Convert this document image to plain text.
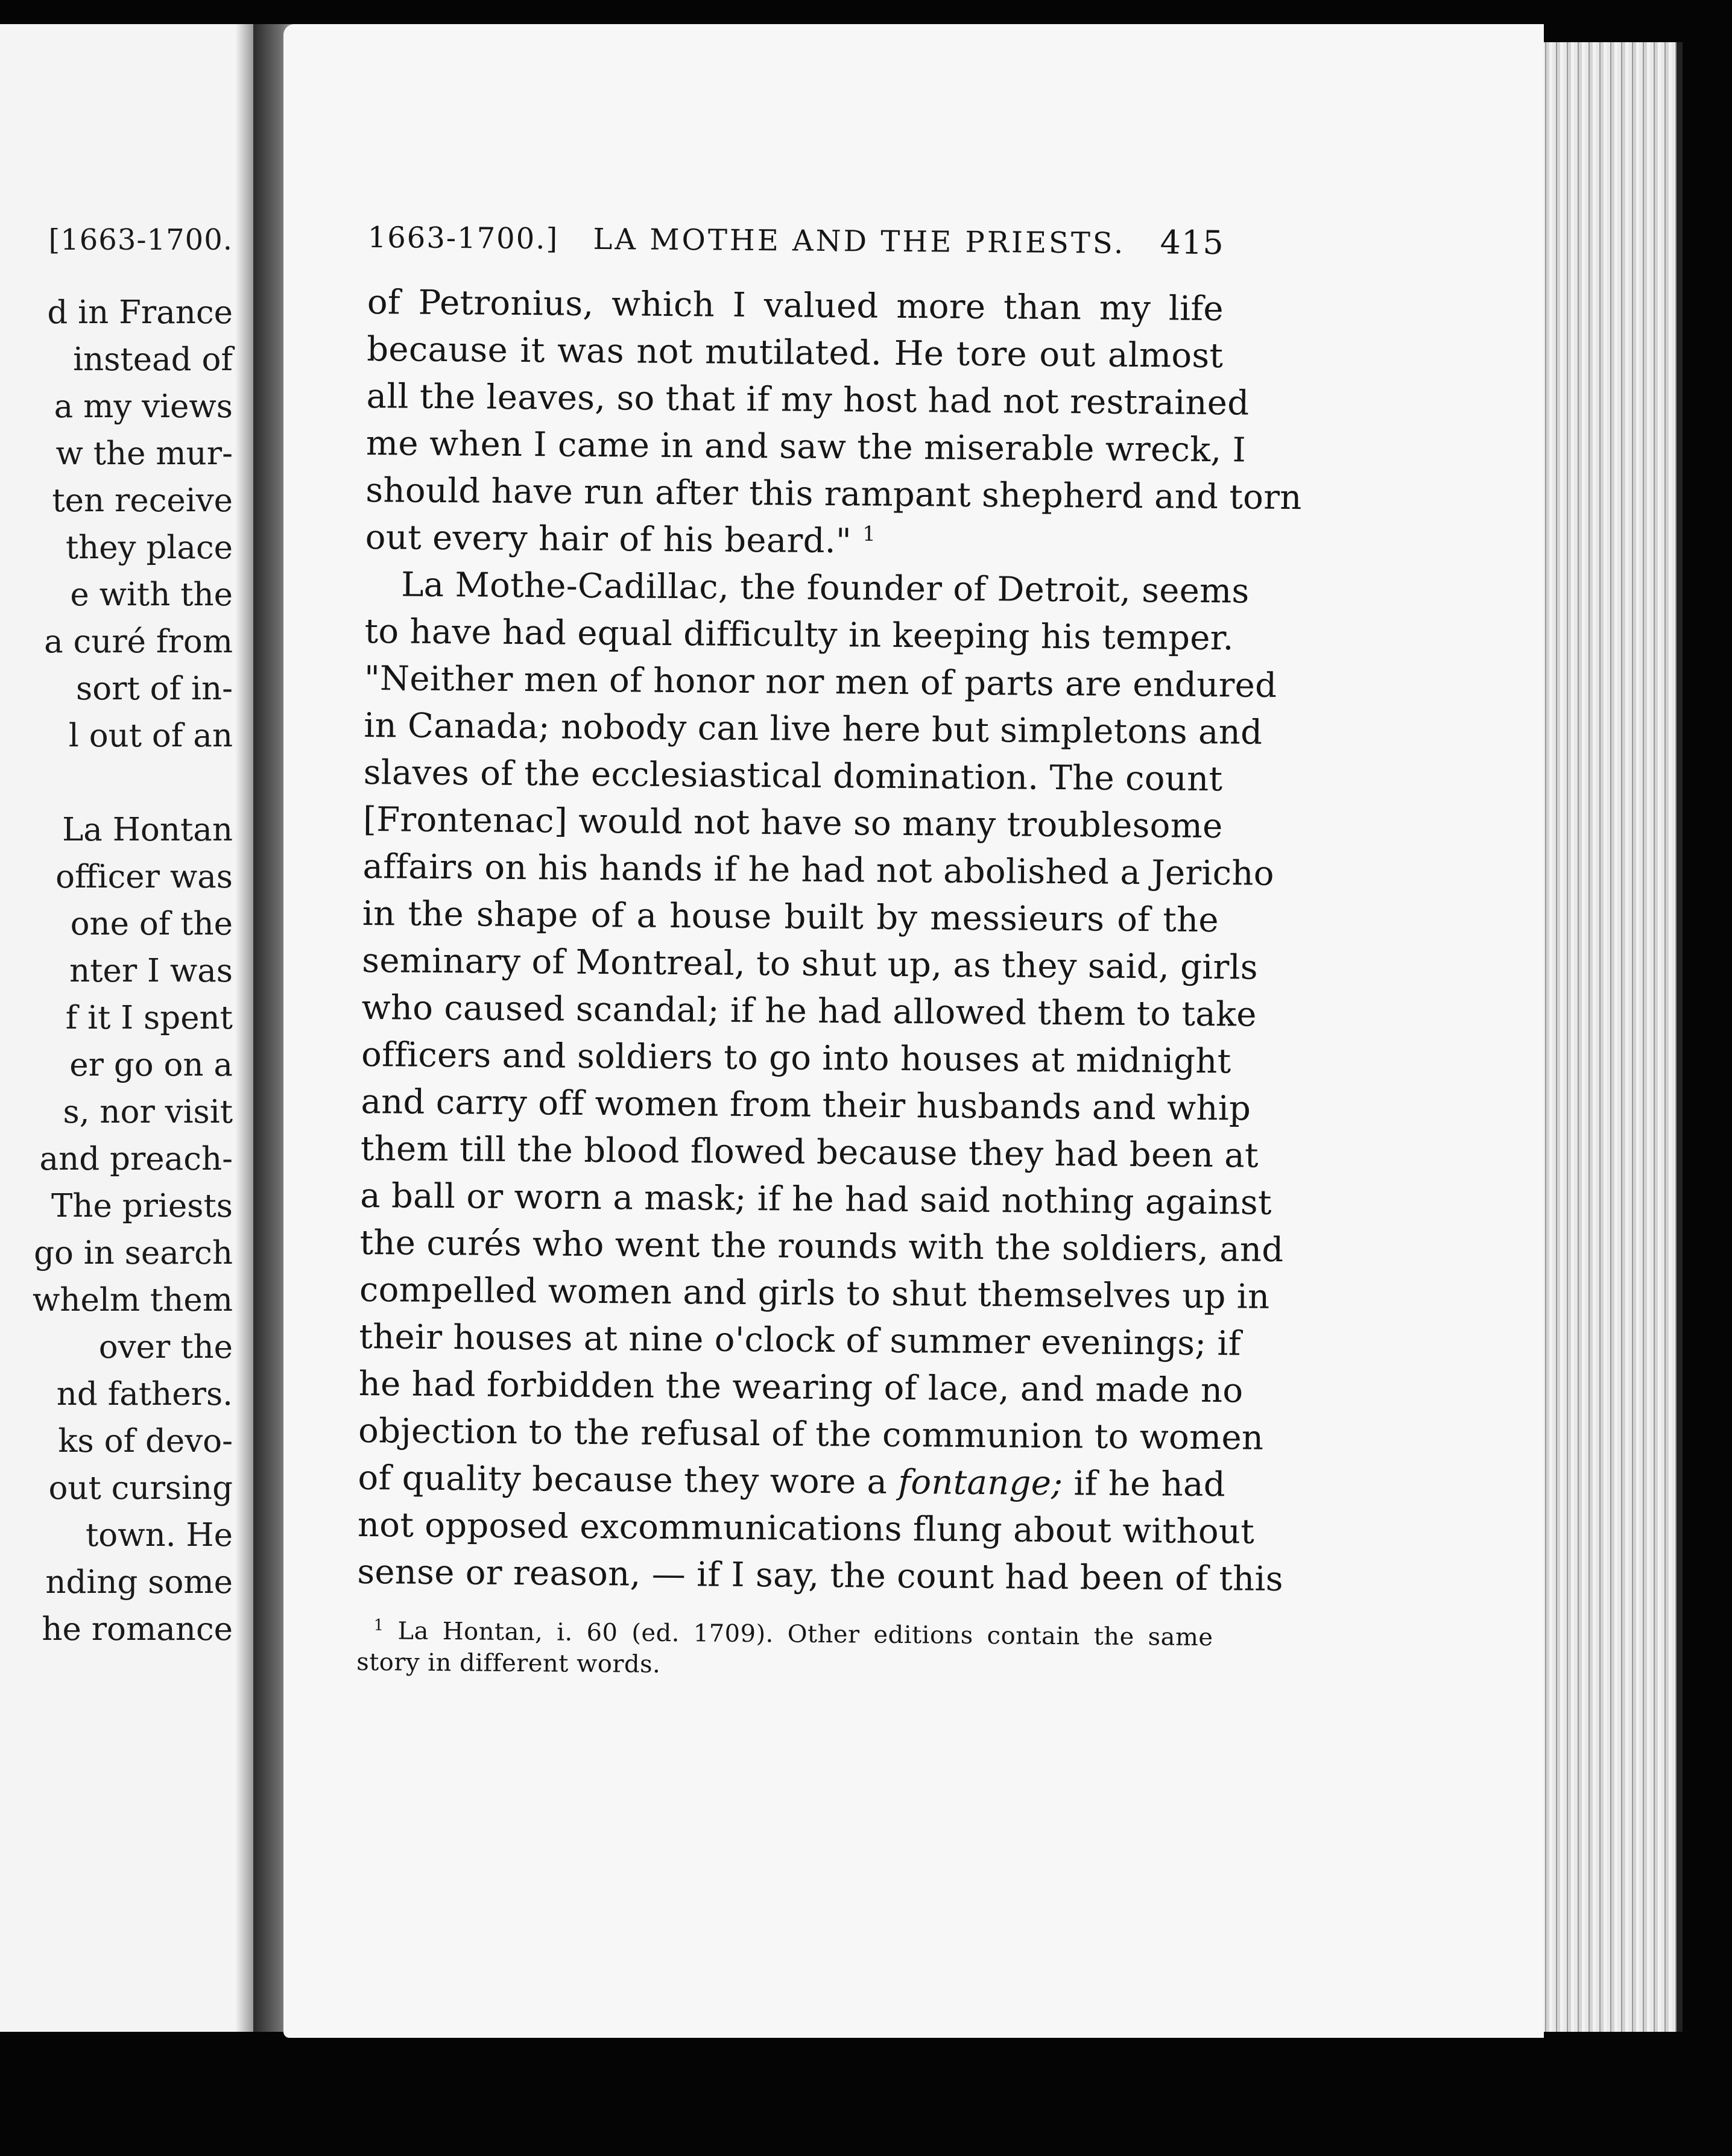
[1663-1700.
d in France
instead of
a my views
w the mur-
ten receive
they place
e with the
a curé from
sort of in-
l out of an
La Hontan
officer was
one of the
nter I was
f it I spent
er go on a
s, nor visit
and preach-
The priests
go in search
whelm them
over the
nd fathers.
ks of devo-
out cursing
town. He
nding some
he romance
1663-1700.] LA MOTHE AND THE PRIESTS. 415
of Petronius, which I valued more than my life
because it was not mutilated. He tore out almost
all the leaves, so that if my host had not restrained
me when I came in and saw the miserable wreck, I
should have run after this rampant shepherd and torn
out every hair of his beard." $^1$
La Mothe-Cadillac, the founder of Detroit, seems
to have had equal difficulty in keeping his temper.
"Neither men of honor nor men of parts are endured
in Canada; nobody can live here but simpletons and
slaves of the ecclesiastical domination. The count
[Frontenac] would not have so many troublesome
affairs on his hands if he had not abolished a Jericho
in the shape of a house built by messieurs of the
seminary of Montreal, to shut up, as they said, girls
who caused scandal; if he had allowed them to take
officers and soldiers to go into houses at midnight
and carry off women from their husbands and whip
them till the blood flowed because they had been at
a ball or worn a mask; if he had said nothing against
the curés who went the rounds with the soldiers, and
compelled women and girls to shut themselves up in
their houses at nine o'clock of summer evenings; if
he had forbidden the wearing of lace, and made no
objection to the refusal of the communion to women
of quality because they wore a fontange; if he had
not opposed excommunications flung about without
sense or reason, — if I say, the count had been of this
$^1$ La Hontan, i. 60 (ed. 1709). Other editions contain the same
story in different words.
